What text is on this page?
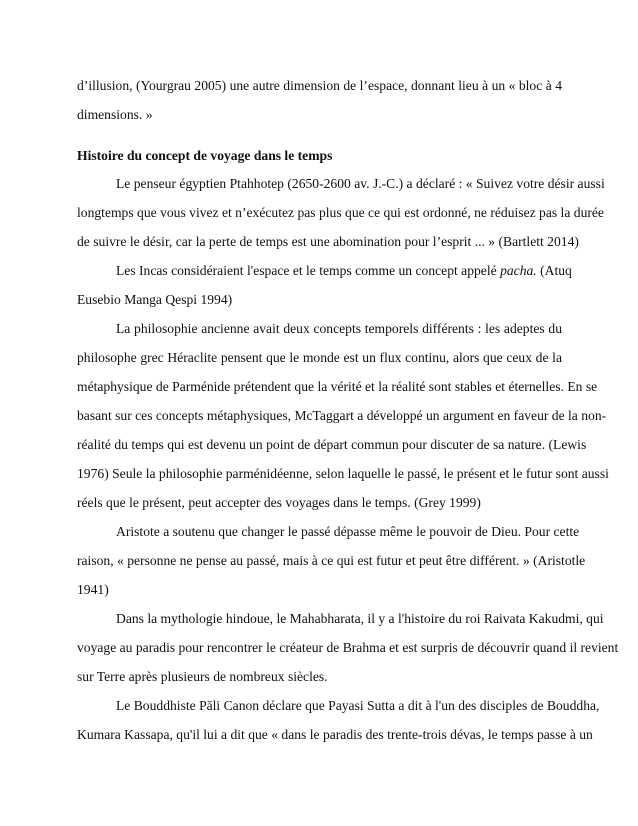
d’illusion, (Yourgrau 2005) une autre dimension de l’espace, donnant lieu à un « bloc à 4
dimensions. »
Histoire du concept de voyage dans le temps
Le penseur égyptien Ptahhotep (2650-2600 av. J.-C.) a déclaré : « Suivez votre désir aussi
longtemps que vous vivez et n’exécutez pas plus que ce qui est ordonné, ne réduisez pas la durée
de suivre le désir, car la perte de temps est une abomination pour l’esprit ... » (Bartlett 2014)
Les Incas considéraient l'espace et le temps comme un concept appelé pacha. (Atuq
Eusebio Manga Qespi 1994)
La philosophie ancienne avait deux concepts temporels différents : les adeptes du
philosophe grec Héraclite pensent que le monde est un flux continu, alors que ceux de la
métaphysique de Parménide prétendent que la vérité et la réalité sont stables et éternelles. En se
basant sur ces concepts métaphysiques, McTaggart a développé un argument en faveur de la non-
réalité du temps qui est devenu un point de départ commun pour discuter de sa nature. (Lewis
1976) Seule la philosophie parménidéenne, selon laquelle le passé, le présent et le futur sont aussi
réels que le présent, peut accepter des voyages dans le temps. (Grey 1999)
Aristote a soutenu que changer le passé dépasse même le pouvoir de Dieu. Pour cette
raison, « personne ne pense au passé, mais à ce qui est futur et peut être différent. » (Aristotle
1941)
Dans la mythologie hindoue, le Mahabharata, il y a l'histoire du roi Raivata Kakudmi, qui
voyage au paradis pour rencontrer le créateur de Brahma et est surpris de découvrir quand il revient
sur Terre après plusieurs de nombreux siècles.
Le Bouddhiste Pāli Canon déclare que Payasi Sutta a dit à l'un des disciples de Bouddha,
Kumara Kassapa, qu'il lui a dit que « dans le paradis des trente-trois dévas, le temps passe à un
